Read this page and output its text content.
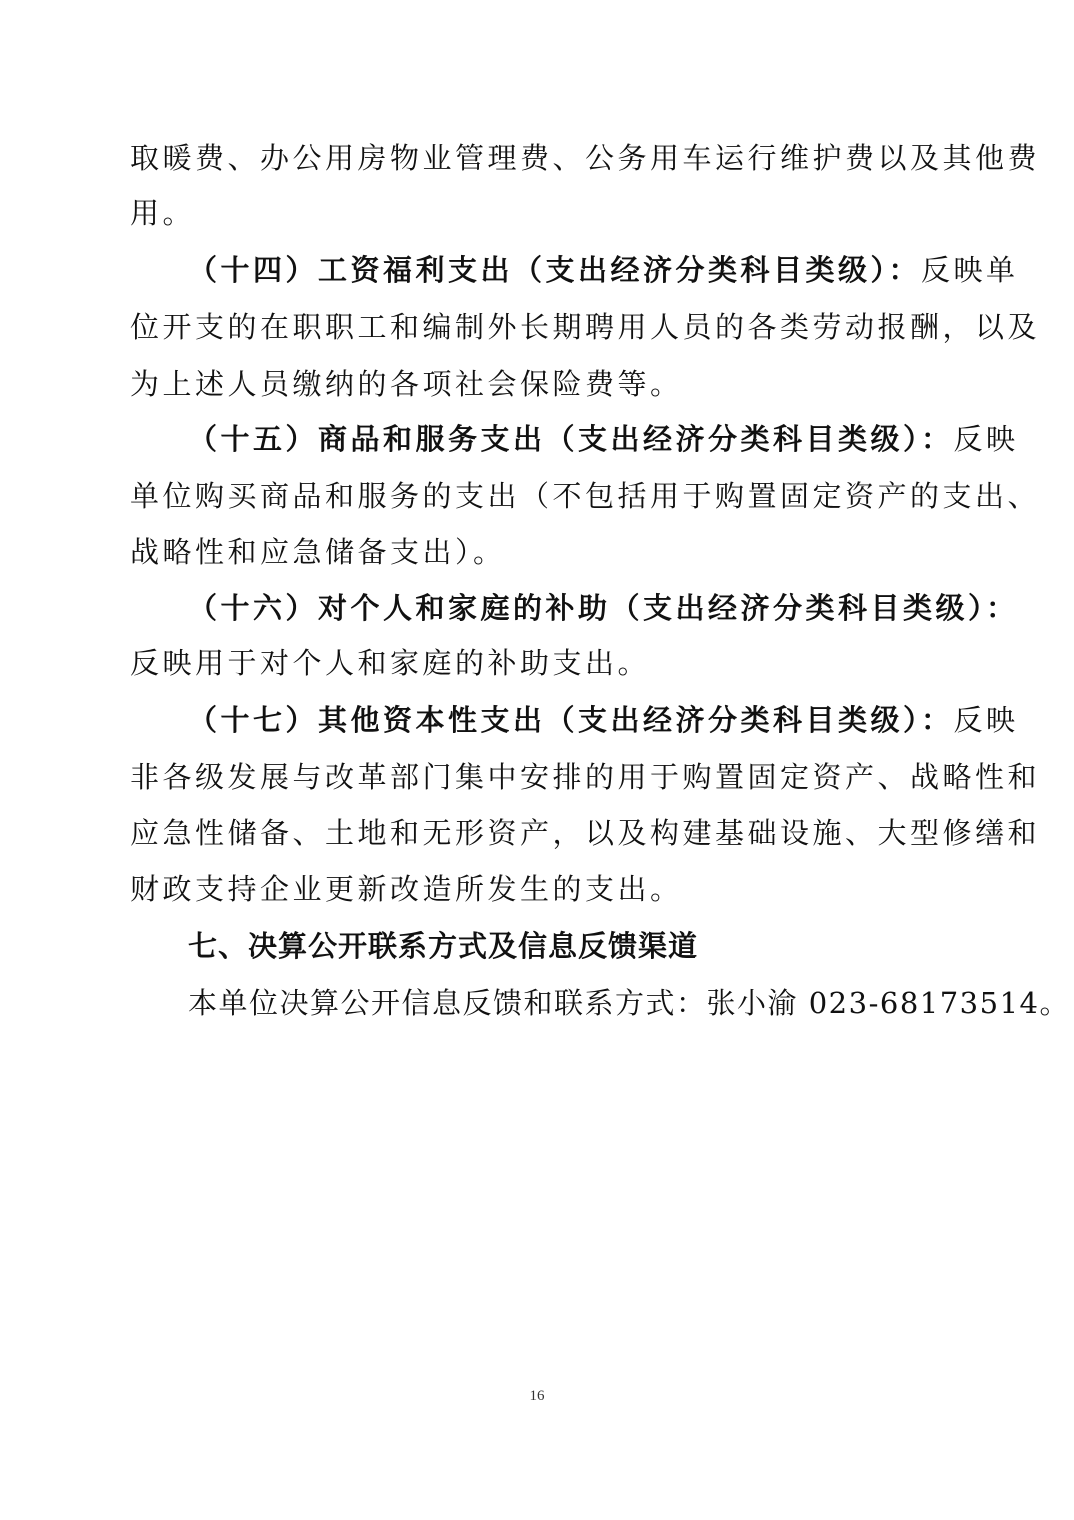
取暖费、办公用房物业管理费、公务用车运行维护费以及其他费
用。
（十四）工资福利支出（支出经济分类科目类级）：反映单
位开支的在职职工和编制外长期聘用人员的各类劳动报酬，以及
为上述人员缴纳的各项社会保险费等。
（十五）商品和服务支出（支出经济分类科目类级）：反映
单位购买商品和服务的支出（不包括用于购置固定资产的支出、
战略性和应急储备支出）。
（十六）对个人和家庭的补助（支出经济分类科目类级）：
反映用于对个人和家庭的补助支出。
（十七）其他资本性支出（支出经济分类科目类级）：反映
非各级发展与改革部门集中安排的用于购置固定资产、战略性和
应急性储备、土地和无形资产，以及构建基础设施、大型修缮和
财政支持企业更新改造所发生的支出。
七、决算公开联系方式及信息反馈渠道
本单位决算公开信息反馈和联系方式：张小渝 023-68173514。
16
